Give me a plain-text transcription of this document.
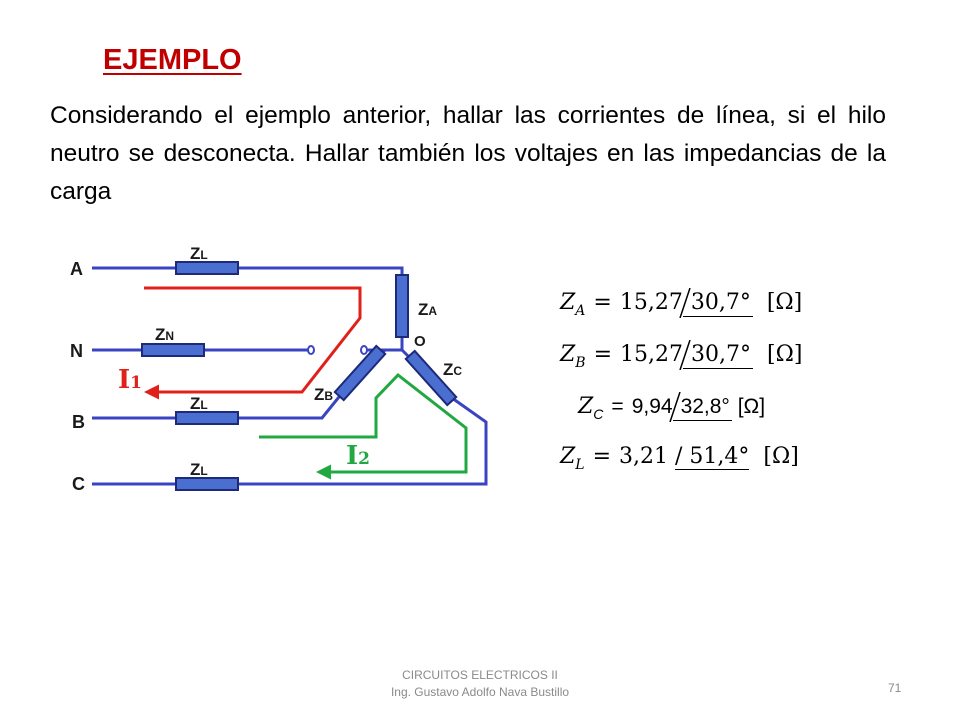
EJEMPLO
Considerando el ejemplo anterior, hallar las corrientes de línea, si el hilo neutro se desconecta. Hallar también los voltajes en las impedancias de la carga
A
N
B
C
O
ZL
ZN
ZL
ZL
ZA
ZB
ZC
I1
I2
$Z_A = 15,27$ 30,7° [Ω]
$Z_B = 15,27$ 30,7° [Ω]
$Z_C = 9,94$ 32,8° [Ω]
$Z_L = 3,21 / 51,4^\circ$ [Ω]
CIRCUITOS ELECTRICOS II
Ing. Gustavo Adolfo Nava Bustillo	71
